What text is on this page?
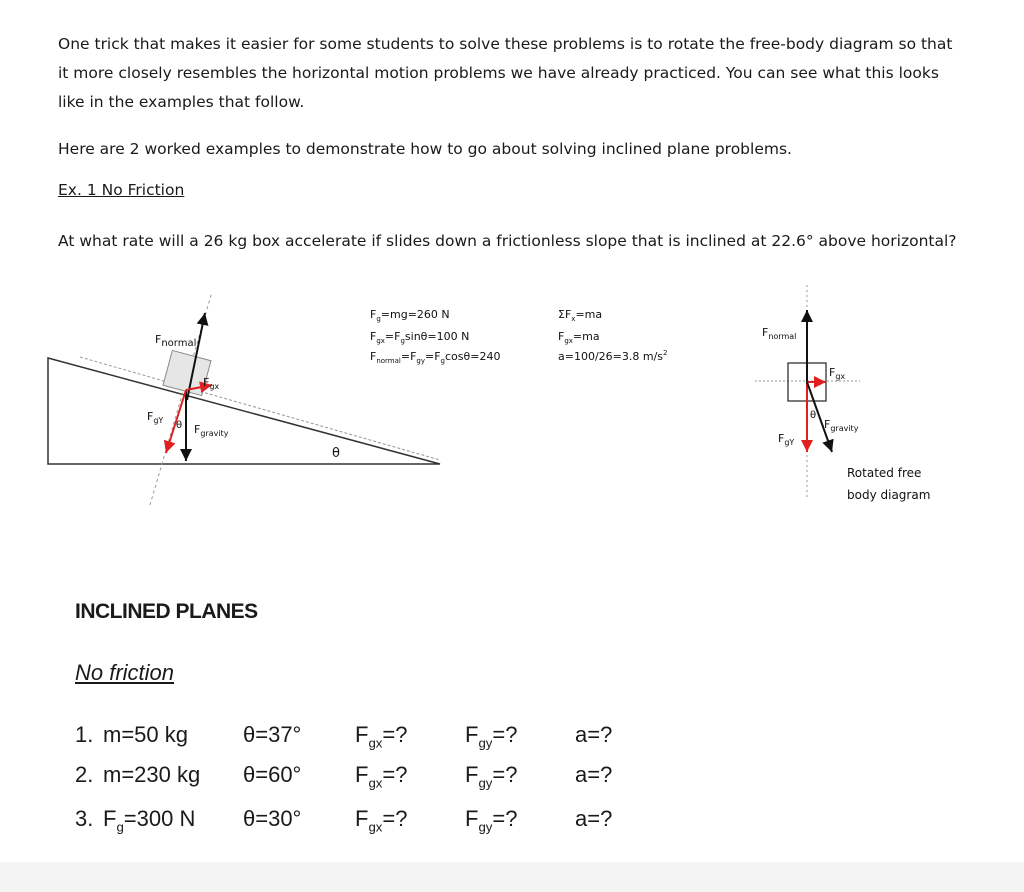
One trick that makes it easier for some students to solve these problems is to rotate the free-body diagram so that it more closely resembles the horizontal motion problems we have already practiced. You can see what this looks like in the examples that follow.

Here are 2 worked examples to demonstrate how to go about solving inclined plane problems.

Ex. 1 No Friction

At what rate will a 26 kg box accelerate if slides down a frictionless slope that is inclined at 22.6° above horizontal?

Fnormal
$F_{gx}$
$F_{gY}$ θ $F_{gravity}$
θ
$F_g=mg=260$ N
$F_{gx}=F_g\sin\theta=100$ N
$F_{normal}=F_{gy}=F_g\cos\theta=240$
$\Sigma F_x=ma$
$F_{gx}=ma$
a=100/26=3.8 $m/s^2$
$F_{normal}$
$F_{gx}$
θ
$F_{gravity}$
$F_{gY}$
Rotated free
body diagram

INCLINED PLANES

No friction

1. m=50 kg	θ=37° $F_{gx}=$?	$F_{gy}=$?	a=?
2. m=230 kg θ=60° $F_{gx}=$?	$F_{gy}=$?	a=?
3. $F_g=300$ N θ=30° $F_{gx}=$?	$F_{gy}=$?	a=?
